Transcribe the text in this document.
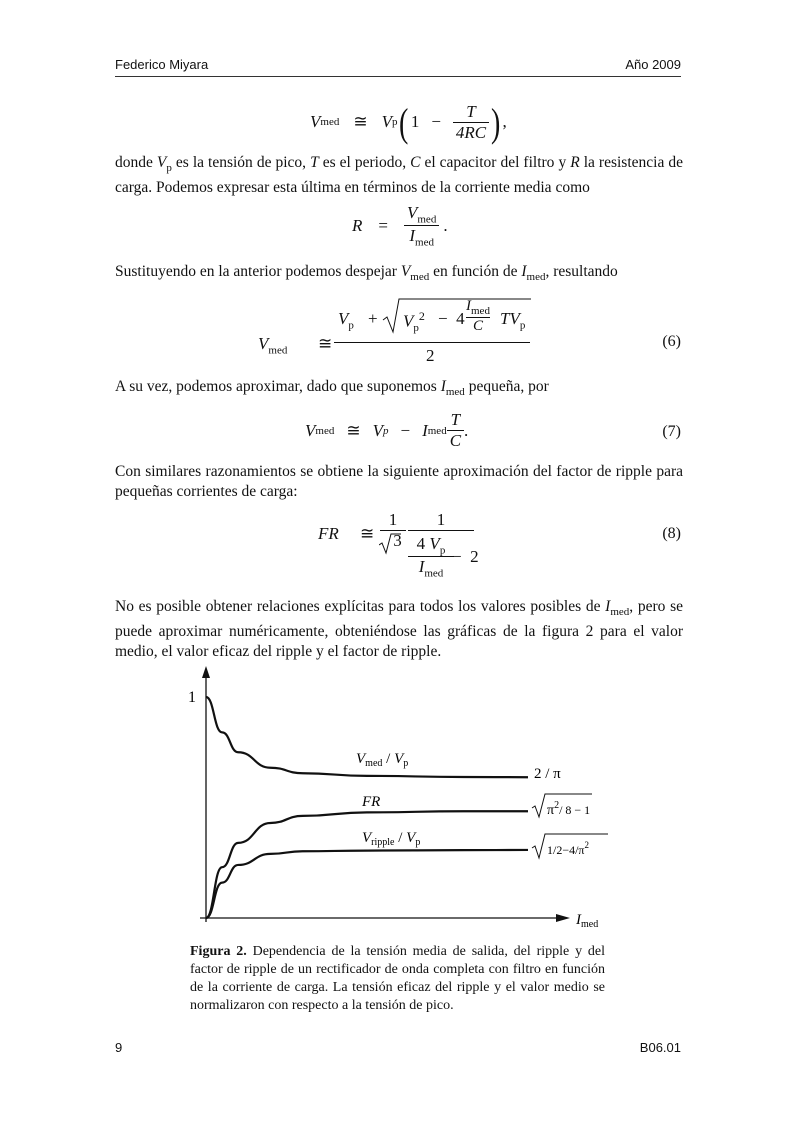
Federico Miyara	Año 2009
V med ≅ V p ( $1 - \frac{T}{4RC}$ ) ,
donde $V_p$ es la tensión de pico, T es el periodo, C el capacitor del filtro y R la resistencia de carga. Podemos expresar esta última en términos de la corriente media como
$R = \frac{V_{med}}{I_{med}}$ .
Sustituyendo en la anterior podemos despejar $V_{med}$ en función de $I_{med}$, resultando
$V_{med}$ ≅
$V_p + V_p^2 - 4$
$I_{med}$
C	$TV_p$
2
(6)
A su vez, podemos aproximar, dado que suponemos $I_{med}$ pequeña, por
V med ≅ V p − I med $\frac{T}{C}$ .	(7)
Con similares razonamientos se obtiene la siguiente aproximación del factor de ripple para pequeñas corrientes de carga:
FR ≅
1
3
1
4 $V_p$
$I_{med}$
−  2
(8)
No es posible obtener relaciones explícitas para todos los valores posibles de $I_{med}$, pero se puede aproximar numéricamente, obteniéndose las gráficas de la figura 2 para el valor medio, el valor eficaz del ripple y el factor de ripple.
1
$V_{med} / V_p$
FR
$V_{ripple} / V_p$
2 / π
$\pi^2/$ 8 − 1
$1/2-4/\pi^2$
$I_{med}$
Figura 2. Dependencia de la tensión media de salida, del ripple y del factor de ripple de un rectificador de onda completa con filtro en función de la corriente de carga. La tensión eficaz del ripple y el valor medio se normalizaron con respecto a la tensión de pico.
9	B06.01
